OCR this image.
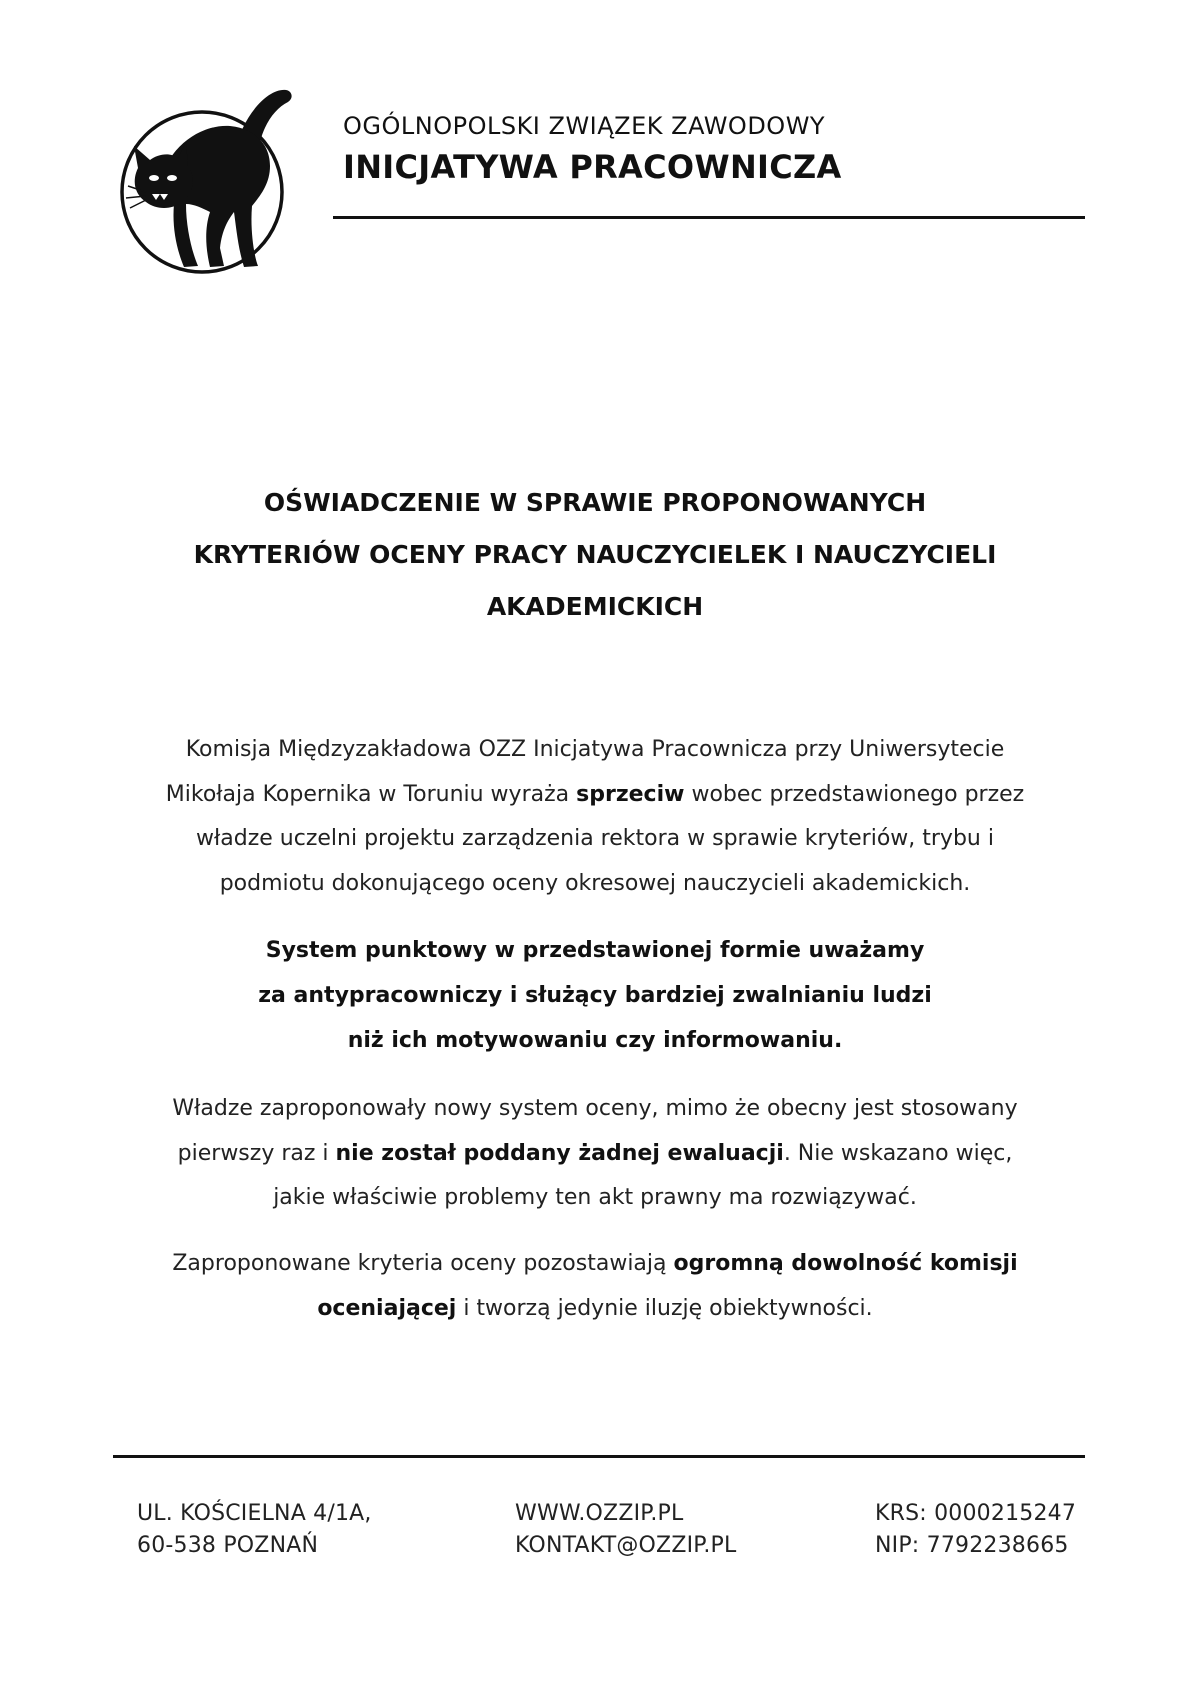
OGÓLNOPOLSKI ZWIĄZEK ZAWODOWY
INICJATYWA PRACOWNICZA
OŚWIADCZENIE W SPRAWIE PROPONOWANYCH
KRYTERIÓW OCENY PRACY NAUCZYCIELEK I NAUCZYCIELI
AKADEMICKICH
Komisja Międzyzakładowa OZZ Inicjatywa Pracownicza przy Uniwersytecie
Mikołaja Kopernika w Toruniu wyraża sprzeciw wobec przedstawionego przez
władze uczelni projektu zarządzenia rektora w sprawie kryteriów, trybu i
podmiotu dokonującego oceny okresowej nauczycieli akademickich.
System punktowy w przedstawionej formie uważamy
za antypracowniczy i służący bardziej zwalnianiu ludzi
niż ich motywowaniu czy informowaniu.
Władze zaproponowały nowy system oceny, mimo że obecny jest stosowany
pierwszy raz i nie został poddany żadnej ewaluacji. Nie wskazano więc,
jakie właściwie problemy ten akt prawny ma rozwiązywać.
Zaproponowane kryteria oceny pozostawiają ogromną dowolność komisji
oceniającej i tworzą jedynie iluzję obiektywności.
UL. KOŚCIELNA 4/1A,
60-538 POZNAŃ
WWW.OZZIP.PL
KONTAKT@OZZIP.PL
KRS: 0000215247
NIP: 7792238665
